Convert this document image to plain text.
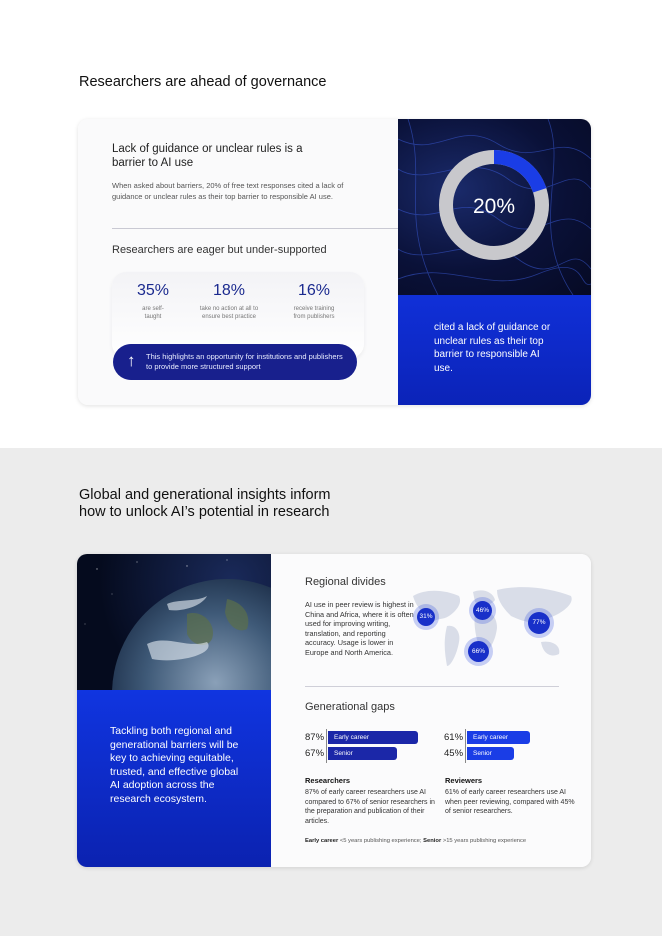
Researchers are ahead of governance
Lack of guidance or unclear rules is a barrier to AI use
When asked about barriers, 20% of free text responses cited a lack of guidance or unclear rules as their top barrier to responsible AI use.
Researchers are eager but under-supported
35%
are self-taught
18%
take no action at all to ensure best practice
16%
receive training from publishers
↑ This highlights an opportunity for institutions and publishers to provide more structured support
20%
cited a lack of guidance or unclear rules as their top barrier to responsible AI use.
Global and generational insights inform
how to unlock AI’s potential in research
Tackling both regional and generational barriers will be key to achieving equitable, trusted, and effective global AI adoption across the research ecosystem.
Regional divides
AI use in peer review is highest in China and Africa, where it is often used for improving writing, translation, and reporting accuracy. Usage is lower in Europe and North America.
31%
46%
77%
66%
Generational gaps
87%	Early career
67%	Senior
61%	Early career
45%	Senior
Researchers
87% of early career researchers use AI compared to 67% of senior researchers in the preparation and publication of their articles.
Reviewers
61% of early career researchers use AI when peer reviewing, compared with 45% of senior researchers.
Early career <5 years publishing experience; Senior >15 years publishing experience
